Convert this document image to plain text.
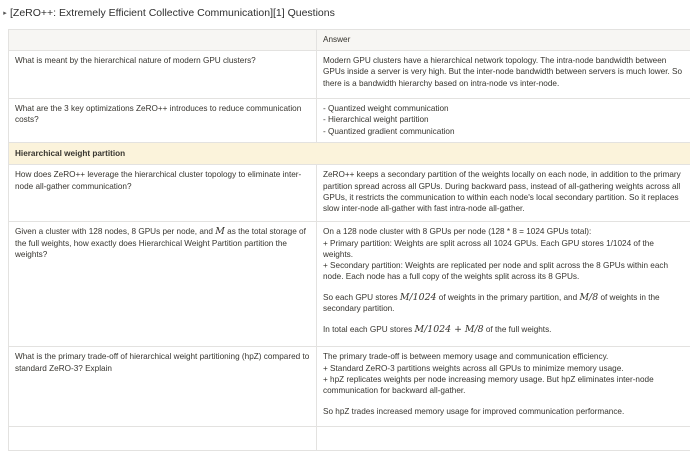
▸ [ZeRO++: Extremely Efficient Collective Communication][1] Questions
	Answer
What is meant by the hierarchical nature of modern GPU clusters?	Modern GPU clusters have a hierarchical network topology. The intra-node bandwidth between GPUs inside a server is very high. But the inter-node bandwidth between servers is much lower. So there is a bandwidth hierarchy based on intra-node vs inter-node.

What are the 3 key optimizations ZeRO++ introduces to reduce communication costs?	- Quantized weight communication
- Hierarchical weight partition
- Quantized gradient communication

Hierarchical weight partition	
How does ZeRO++ leverage the hierarchical cluster topology to eliminate inter-node all-gather communication?	ZeRO++ keeps a secondary partition of the weights locally on each node, in addition to the primary partition spread across all GPUs. During backward pass, instead of all-gathering weights across all GPUs, it restricts the communication to within each node's local secondary partition. So it replaces slow inter-node all-gather with fast intra-node all-gather.

Given a cluster with 128 nodes, 8 GPUs per node, and M as the total storage of the full weights, how exactly does Hierarchical Weight Partition partition the weights?	On a 128 node cluster with 8 GPUs per node (128 * 8 = 1024 GPUs total):

+ Primary partition: Weights are split across all 1024 GPUs. Each GPU stores 1/1024 of the weights.

+ Secondary partition: Weights are replicated per node and split across the 8 GPUs within each node. Each node has a full copy of the weights split across its 8 GPUs.

So each GPU stores M/1024 of weights in the primary partition, and M/8 of weights in the secondary partition.

In total each GPU stores M/1024 + M/8 of the full weights.

What is the primary trade-off of hierarchical weight partitioning (hpZ) compared to standard ZeRO-3? Explain	The primary trade-off is between memory usage and communication efficiency.

+ Standard ZeRO-3 partitions weights across all GPUs to minimize memory usage.

+ hpZ replicates weights per node increasing memory usage. But hpZ eliminates inter-node communication for backward all-gather.

So hpZ trades increased memory usage for improved communication performance.
